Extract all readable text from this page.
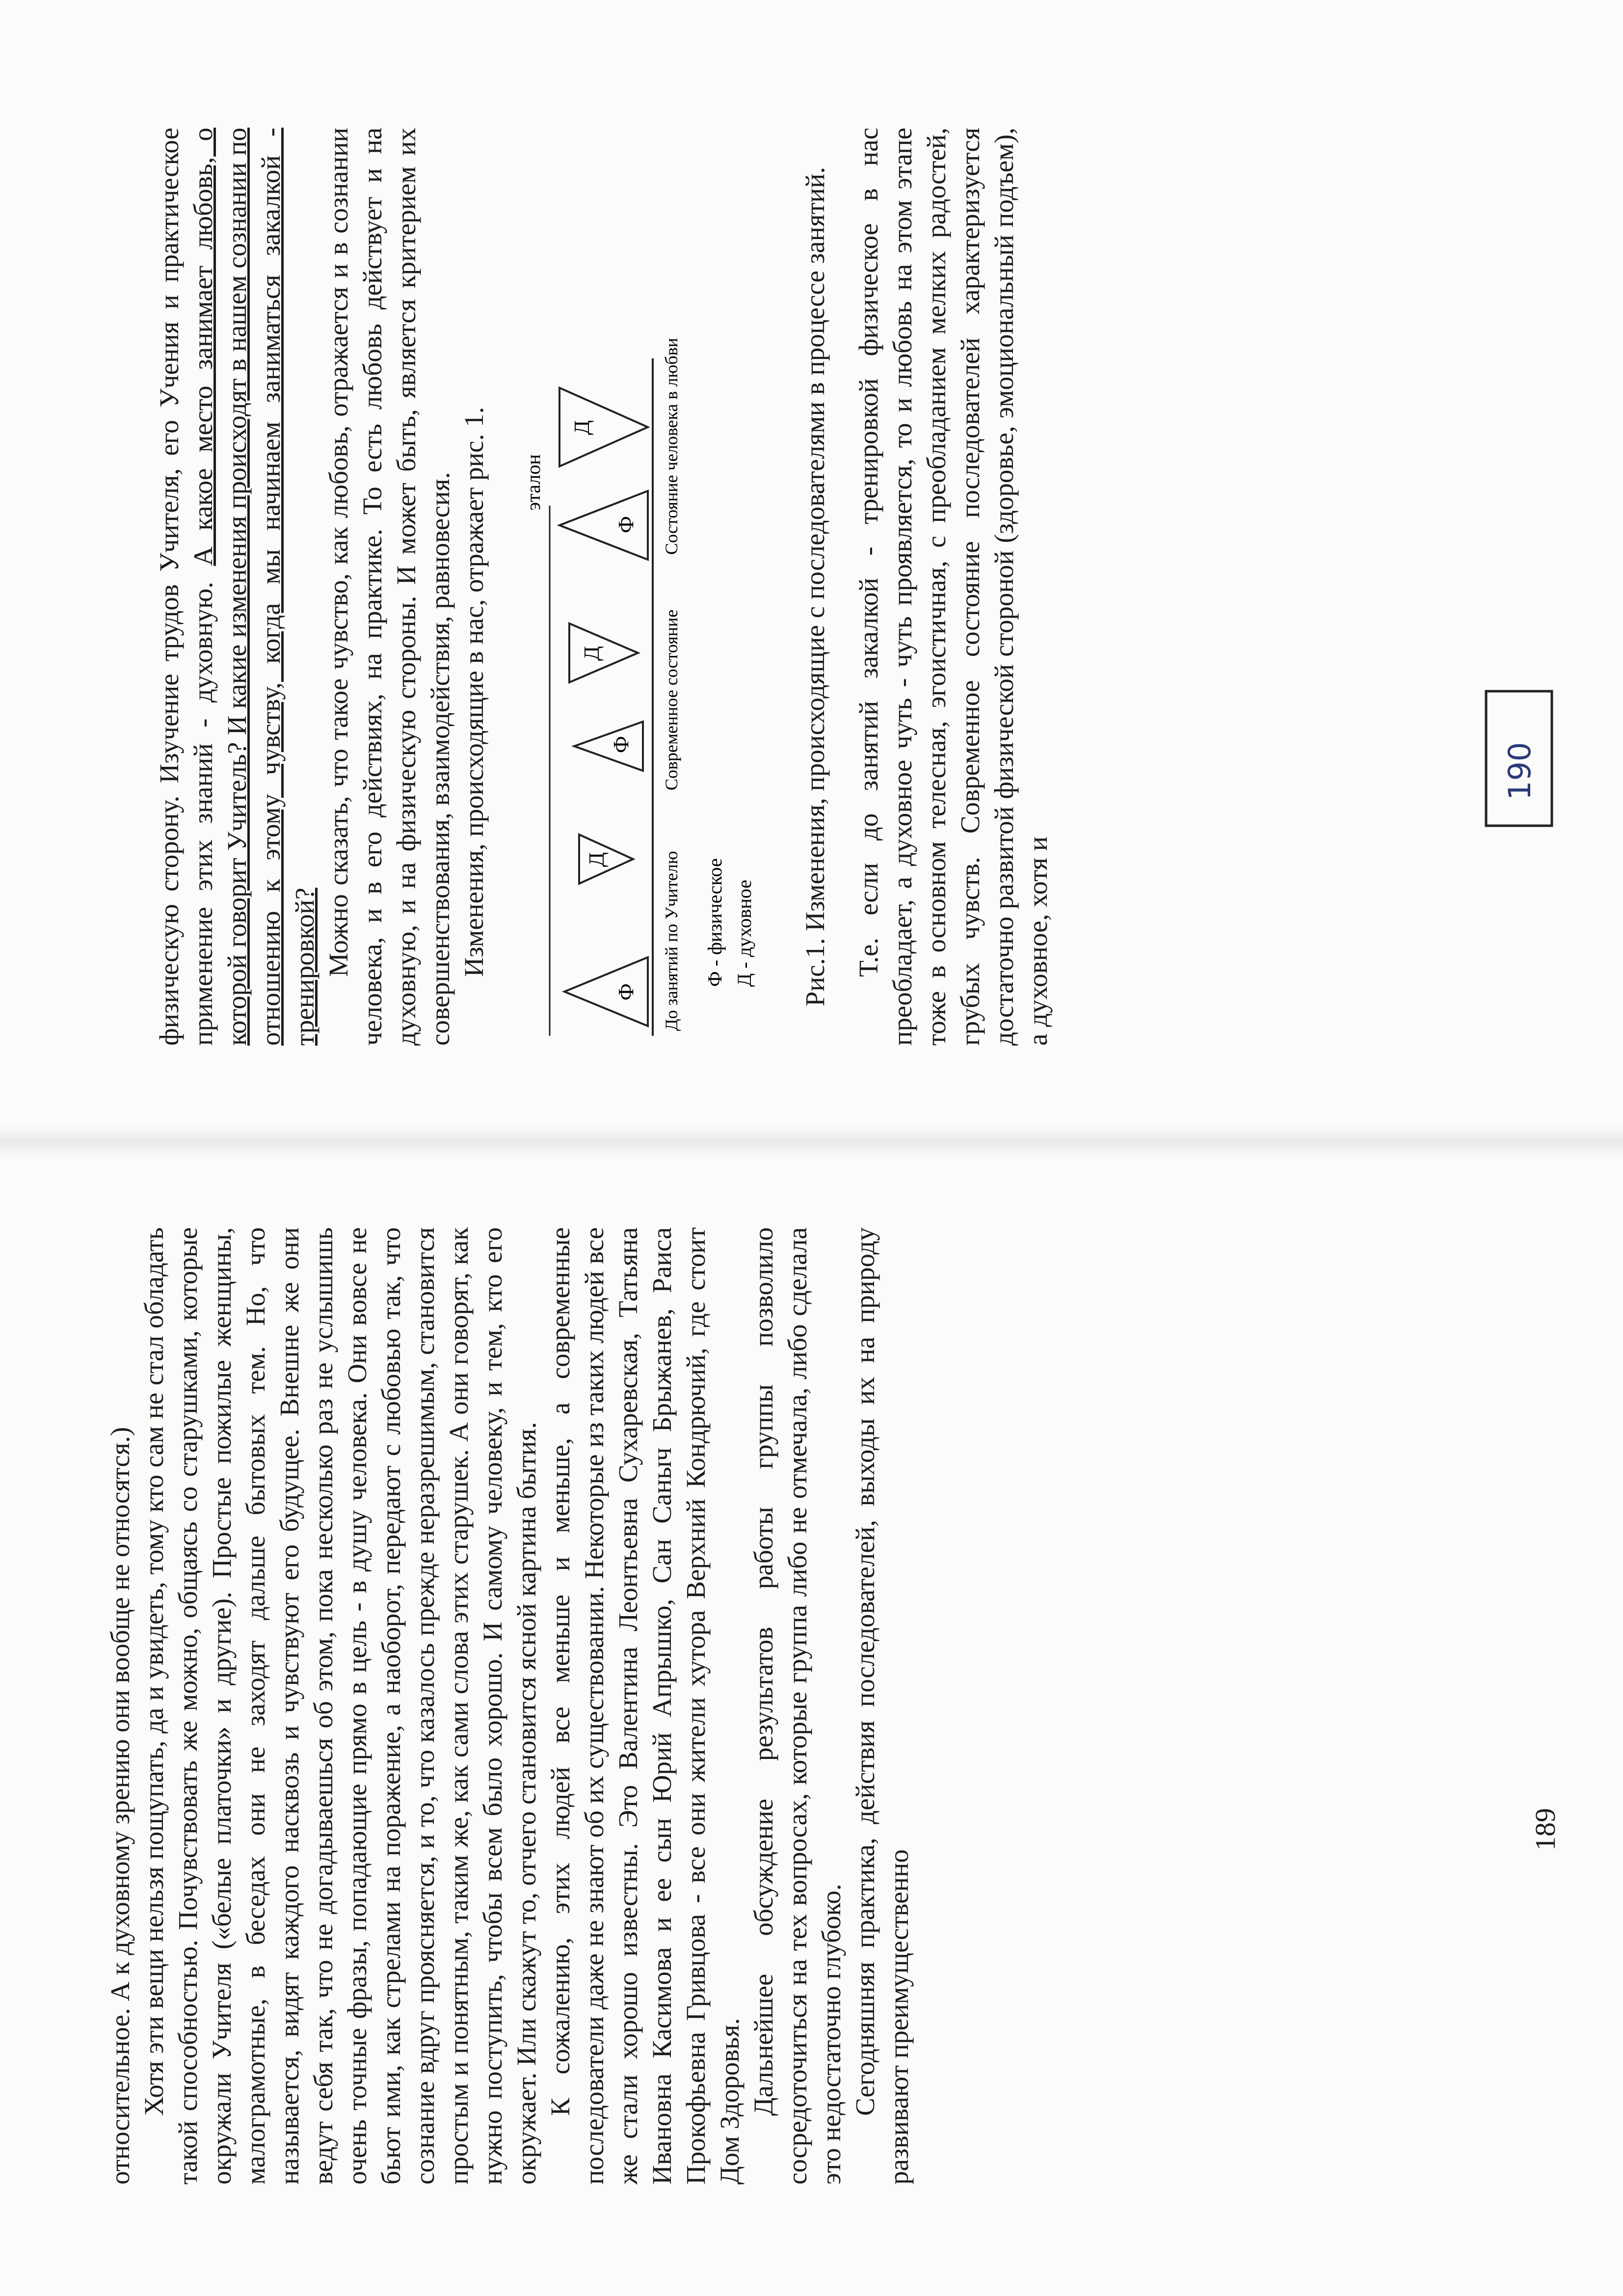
относительное. А к духовному зрению они вообще не относятся.) Хотя эти вещи нельзя пощупать, да и увидеть, тому кто сам не стал обладать такой способностью. Почувствовать же можно, общаясь со старушками, которые окружали Учителя («белые платочки» и другие). Простые пожилые женщины, малограмотные, в беседах они не заходят дальше бытовых тем. Но, что называется, видят каждого насквозь и чувствуют его будущее. Внешне же они ведут себя так, что не догадываешься об этом, пока несколько раз не услышишь очень точные фразы, попадающие прямо в цель - в душу человека. Они вовсе не бьют ими, как стрелами на поражение, а наоборот, передают с любовью так, что сознание вдруг проясняется, и то, что казалось прежде неразрешимым, становится простым и понятным, таким же, как сами слова этих старушек. А они говорят, как нужно поступить, чтобы всем было хорошо. И самому человеку, и тем, кто его окружает. Или скажут то, отчего становится ясной картина бытия. К сожалению, этих людей все меньше и меньше, а современные последователи даже не знают об их существовании. Некоторые из таких людей все же стали хорошо известны. Это Валентина Леонтьевна Сухаревская, Татьяна Ивановна Касимова и ее сын Юрий Апрышко, Сан Саныч Брыжанев, Раиса Прокофьевна Гривцова - все они жители хутора Верхний Кондрючий, где стоит Дом Здоровья. Дальнейшее обсуждение результатов работы группы позволило сосредоточиться на тех вопросах, которые группа либо не отмечала, либо сделала это недостаточно глубоко. Сегодняшняя практика, действия последователей, выходы их на природу развивают преимущественно

189

физическую сторону. Изучение трудов Учителя, его Учения и практическое применение этих знаний - духовную. А какое место занимает любовь, о которой говорит Учитель? И какие изменения происходят в нашем сознании по отношению к этому чувству, когда мы начинаем заниматься закалкой - тренировкой? Можно сказать, что такое чувство, как любовь, отражается и в сознании человека, и в его действиях, на практике. То есть любовь действует и на духовную, и на физическую стороны. И может быть, является критерием их совершенствования, взаимодействия, равновесия. Изменения, происходящие в нас, отражает рис. 1. эталон
Ф
Д
Ф
Д
Ф
Д
До занятий по Учителю
Современное состояние
Состояние человека в любви
Ф - физическое Д - духовное Рис.1. Изменения, происходящие с последователями в процессе занятий. Т.е. если до занятий закалкой - тренировкой физическое в нас преобладает, а духовное чуть - чуть проявляется, то и любовь на этом этапе тоже в основном телесная, эгоистичная, с преобладанием мелких радостей, грубых чувств. Современное состояние последователей характеризуется достаточно развитой физической стороной (здоровье, эмоциональный подъем), а духовное, хотя и

190
